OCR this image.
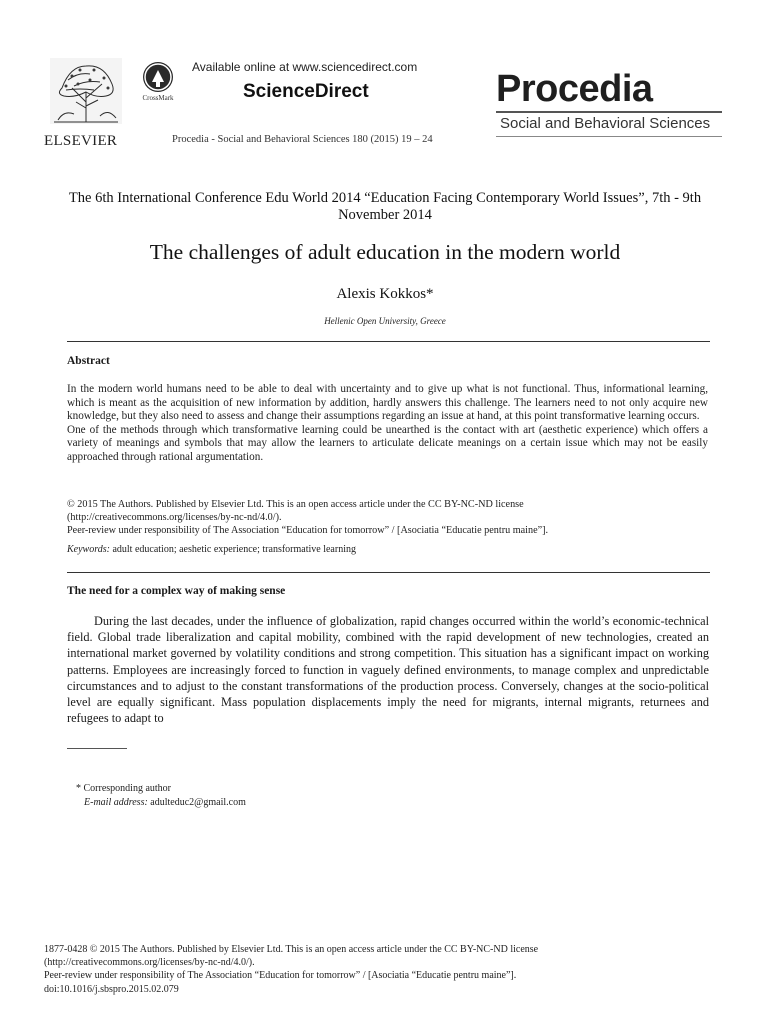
ELSEVIER
CrossMark
Available online at www.sciencedirect.com
ScienceDirect
Procedia - Social and Behavioral Sciences 180 (2015) 19 – 24
Procedia
Social and Behavioral Sciences
The 6th International Conference Edu World 2014 “Education Facing Contemporary World Issues”, 7th - 9th November 2014
The challenges of adult education in the modern world
Alexis Kokkos*
Hellenic Open University, Greece
Abstract

In the modern world humans need to be able to deal with uncertainty and to give up what is not functional. Thus, informational learning, which is meant as the acquisition of new information by addition, hardly answers this challenge. The learners need to not only acquire new knowledge, but they also need to assess and change their assumptions regarding an issue at hand, at this point transformative learning occurs.

One of the methods through which transformative learning could be unearthed is the contact with art (aesthetic experience) which offers a variety of meanings and symbols that may allow the learners to articulate delicate meanings on a certain issue which may not be easily approached through rational argumentation.

© 2015 The Authors. Published by Elsevier Ltd. This is an open access article under the CC BY-NC-ND license
(http://creativecommons.org/licenses/by-nc-nd/4.0/).
Peer-review under responsibility of The Association “Education for tomorrow” / [Asociatia “Educatie pentru maine”].
Keywords: adult education; aeshetic experience; transformative learning
The need for a complex way of making sense

During the last decades, under the influence of globalization, rapid changes occurred within the world’s economic-technical field. Global trade liberalization and capital mobility, combined with the rapid development of new technologies, created an international market governed by volatility conditions and strong competition. This situation has a significant impact on working patterns. Employees are increasingly forced to function in vaguely defined environments, to manage complex and unpredictable circumstances and to adjust to the constant transformations of the production process. Conversely, changes at the socio-political level are equally significant. Mass population displacements imply the need for migrants, internal migrants, returnees and refugees to adapt to

* Corresponding author
E-mail address: adulteduc2@gmail.com
1877-0428 © 2015 The Authors. Published by Elsevier Ltd. This is an open access article under the CC BY-NC-ND license
(http://creativecommons.org/licenses/by-nc-nd/4.0/).
Peer-review under responsibility of The Association “Education for tomorrow” / [Asociatia “Educatie pentru maine”].
doi:10.1016/j.sbspro.2015.02.079
